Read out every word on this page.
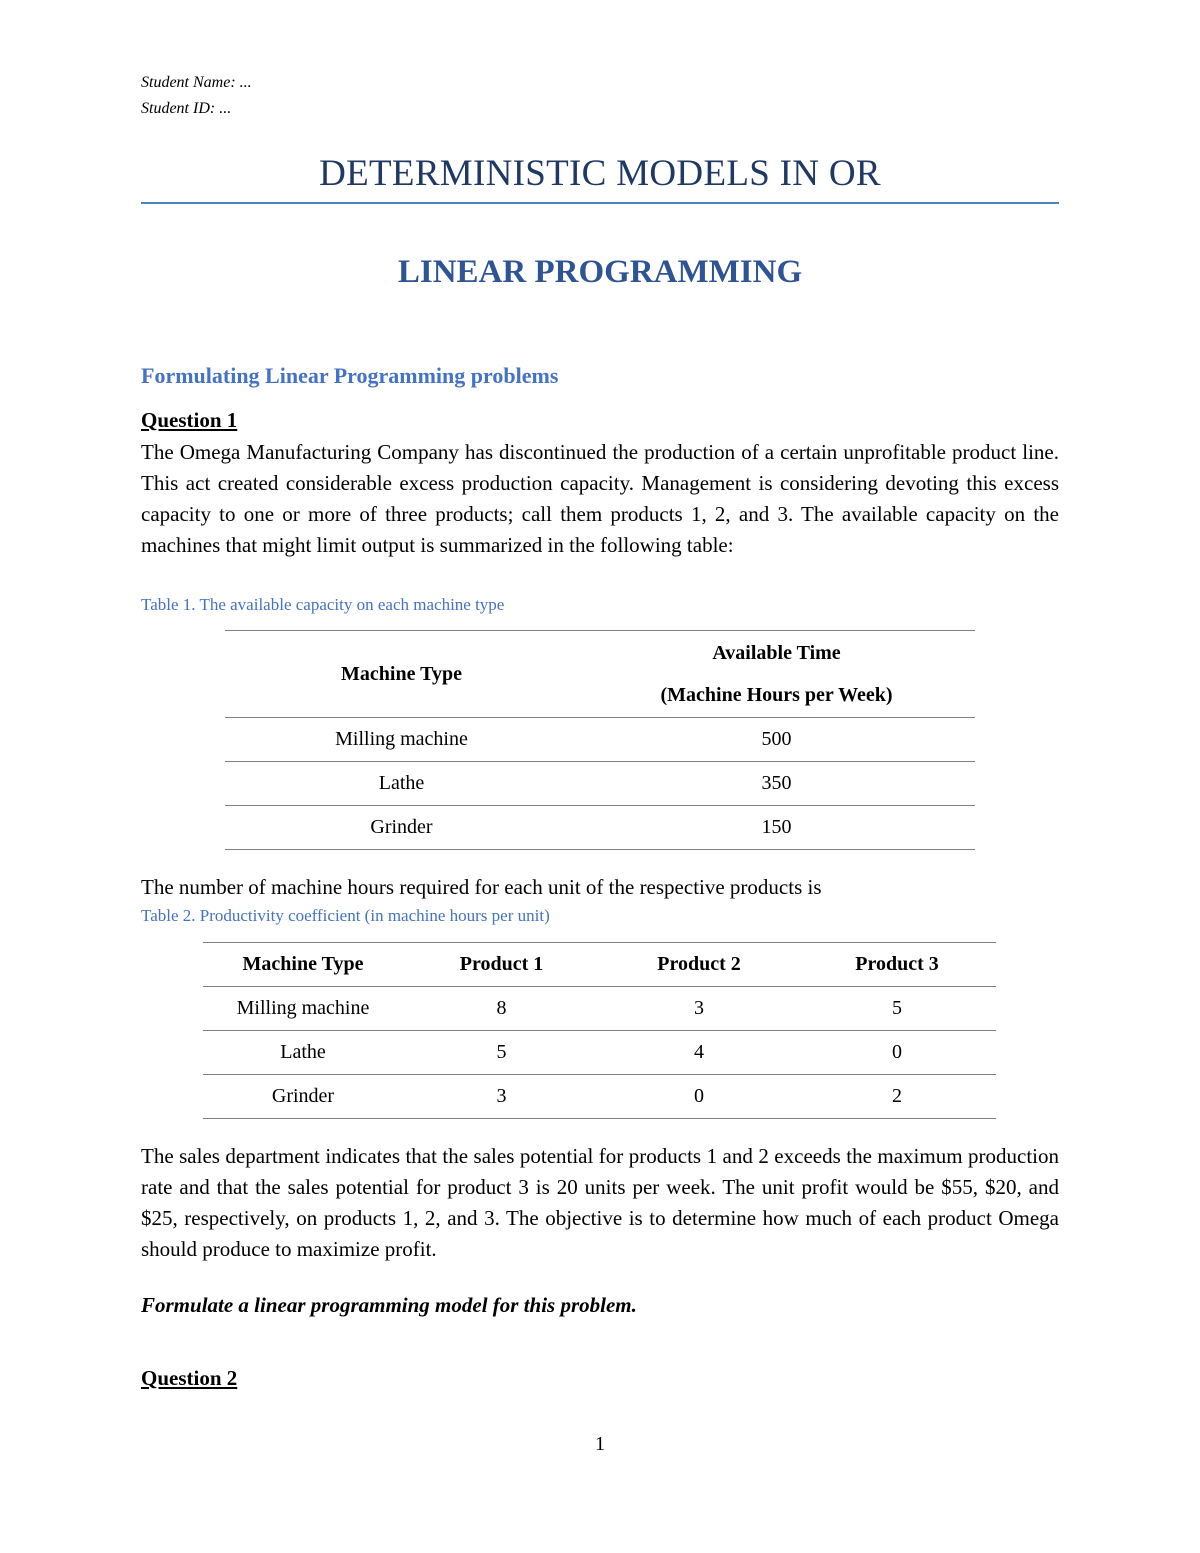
Student Name: ...
Student ID: ...
DETERMINISTIC MODELS IN OR
LINEAR PROGRAMMING
Formulating Linear Programming problems
Question 1
The Omega Manufacturing Company has discontinued the production of a certain unprofitable product line. This act created considerable excess production capacity. Management is considering devoting this excess capacity to one or more of three products; call them products 1, 2, and 3. The available capacity on the machines that might limit output is summarized in the following table:
Table 1. The available capacity on each machine type
Machine Type	Available Time
(Machine Hours per Week)

Milling machine	500
Lathe	350
Grinder	150
The number of machine hours required for each unit of the respective products is
Table 2. Productivity coefficient (in machine hours per unit)
Machine Type	Product 1	Product 2	Product 3
Milling machine	8	3	5
Lathe	5	4	0
Grinder	3	0	2
The sales department indicates that the sales potential for products 1 and 2 exceeds the maximum production rate and that the sales potential for product 3 is 20 units per week. The unit profit would be $55, $20, and $25, respectively, on products 1, 2, and 3. The objective is to determine how much of each product Omega should produce to maximize profit.
Formulate a linear programming model for this problem.
Question 2
1
